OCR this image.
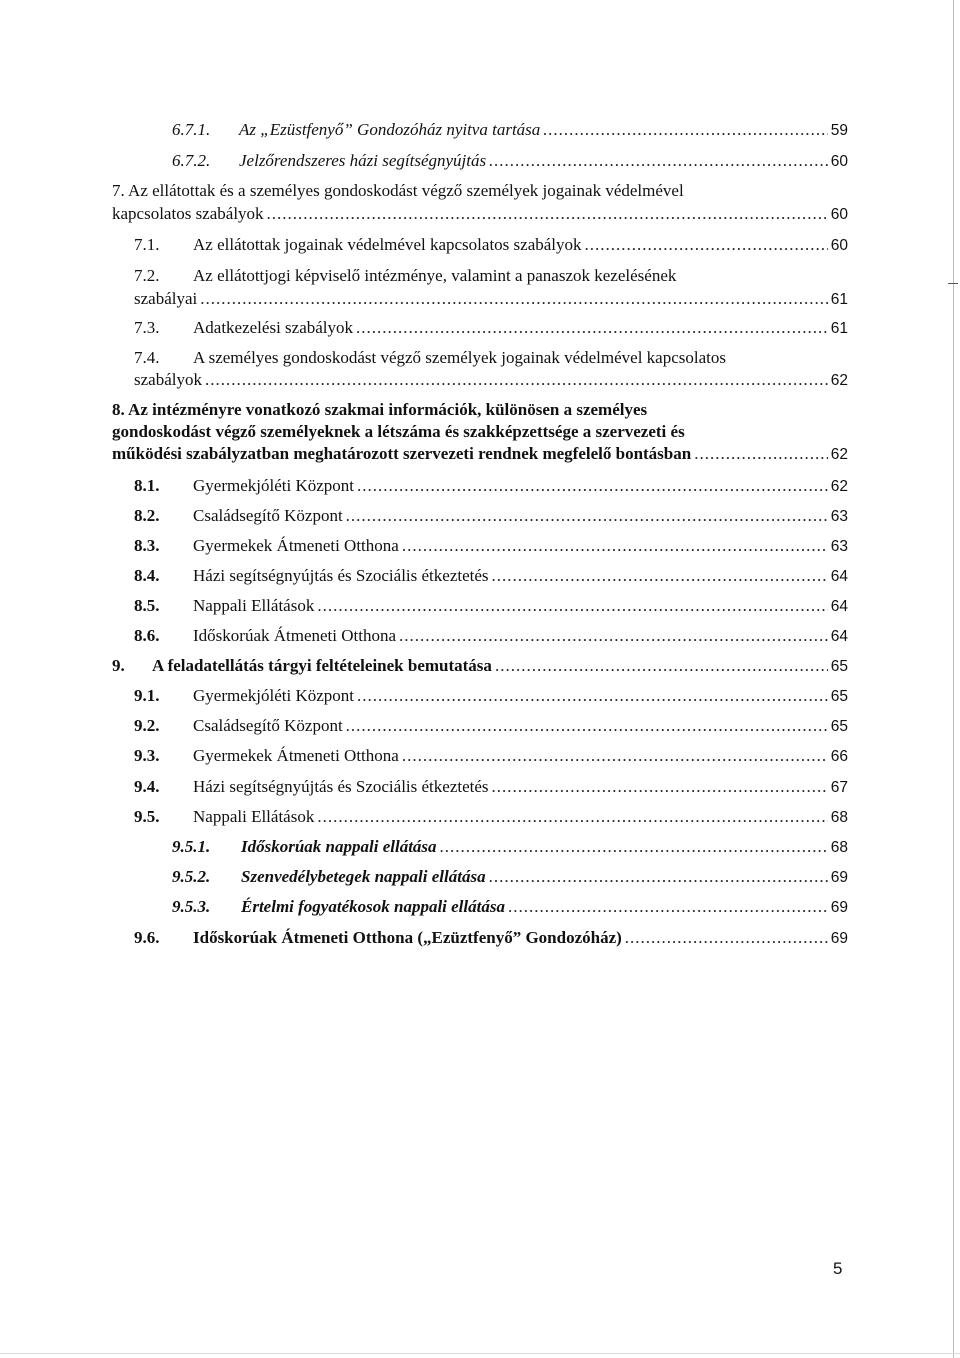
6.7.1. Az „Ezüstfenyő” Gondozóház nyitva tartása .....	59
6.7.2. Jelzőrendszeres házi segítségnyújtás .....	60
7. Az ellátottak és a személyes gondoskodást végző személyek jogainak védelmével
kapcsolatos szabályok .....	60
7.1. Az ellátottak jogainak védelmével kapcsolatos szabályok .....	60
7.2. Az ellátottjogi képviselő intézménye, valamint a panaszok kezelésének
szabályai .....	61
7.3. Adatkezelési szabályok .....	61
7.4. A személyes gondoskodást végző személyek jogainak védelmével kapcsolatos
szabályok .....	62
8. Az intézményre vonatkozó szakmai információk, különösen a személyes
gondoskodást végző személyeknek a létszáma és szakképzettsége a szervezeti és
működési szabályzatban meghatározott szervezeti rendnek megfelelő bontásban .....	62
8.1. Gyermekjóléti Központ .....	62
8.2. Családsegítő Központ .....	63
8.3. Gyermekek Átmeneti Otthona .....	63
8.4. Házi segítségnyújtás és Szociális étkeztetés .....	64
8.5. Nappali Ellátások .....	64
8.6. Időskorúak Átmeneti Otthona .....	64
9. A feladatellátás tárgyi feltételeinek bemutatása .....	65
9.1. Gyermekjóléti Központ .....	65
9.2. Családsegítő Központ .....	65
9.3. Gyermekek Átmeneti Otthona .....	66
9.4. Házi segítségnyújtás és Szociális étkeztetés .....	67
9.5. Nappali Ellátások .....	68
9.5.1. Időskorúak nappali ellátása .....	68
9.5.2. Szenvedélybetegek nappali ellátása .....	69
9.5.3. Értelmi fogyatékosok nappali ellátása .....	69
9.6. Időskorúak Átmeneti Otthona („Ezüztfenyő” Gondozóház) .....	69
5
